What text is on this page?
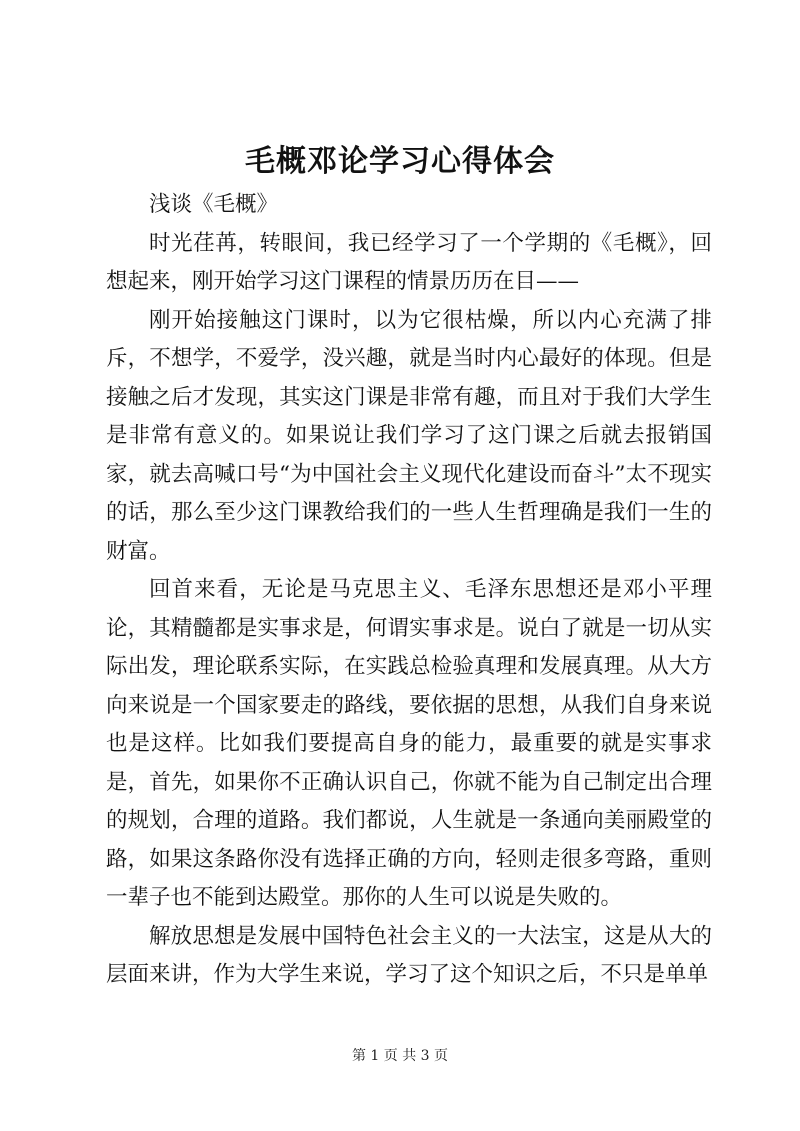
毛概邓论学习心得体会

浅谈《毛概》

时光荏苒，转眼间，我已经学习了一个学期的《毛概》，回想起来，刚开始学习这门课程的情景历历在目——

刚开始接触这门课时，以为它很枯燥，所以内心充满了排斥，不想学，不爱学，没兴趣，就是当时内心最好的体现。但是接触之后才发现，其实这门课是非常有趣，而且对于我们大学生是非常有意义的。如果说让我们学习了这门课之后就去报销国家，就去高喊口号“为中国社会主义现代化建设而奋斗”太不现实的话，那么至少这门课教给我们的一些人生哲理确是我们一生的财富。

回首来看，无论是马克思主义、毛泽东思想还是邓小平理论，其精髓都是实事求是，何谓实事求是。说白了就是一切从实际出发，理论联系实际，在实践总检验真理和发展真理。从大方向来说是一个国家要走的路线，要依据的思想，从我们自身来说也是这样。比如我们要提高自身的能力，最重要的就是实事求是，首先，如果你不正确认识自己，你就不能为自己制定出合理的规划，合理的道路。我们都说，人生就是一条通向美丽殿堂的路，如果这条路你没有选择正确的方向，轻则走很多弯路，重则一辈子也不能到达殿堂。那你的人生可以说是失败的。

解放思想是发展中国特色社会主义的一大法宝，这是从大的层面来讲，作为大学生来说，学习了这个知识之后，不只是单单

第 1 页 共 3 页
